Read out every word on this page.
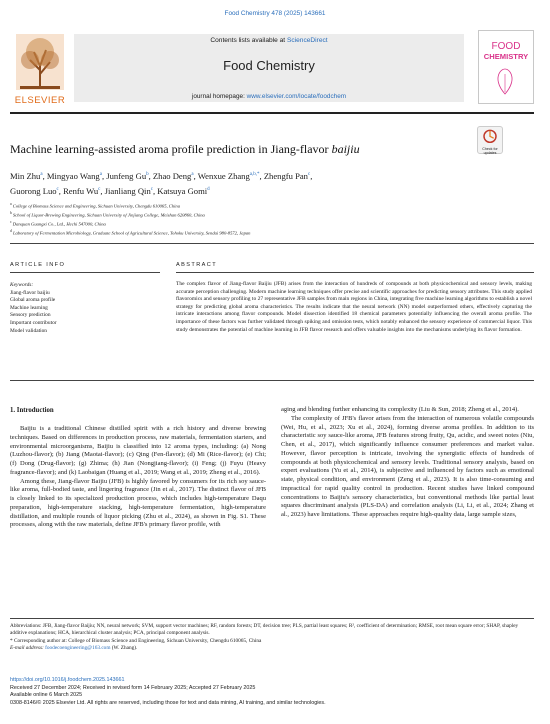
Food Chemistry 478 (2025) 143661
ELSEVIER
Contents lists available at ScienceDirect
Food Chemistry
journal homepage: www.elsevier.com/locate/foodchem
FOOD
CHEMISTRY
Machine learning-assisted aroma profile prediction in Jiang-flavor baijiu	Check for
updates
Min Zhu$^a$, Mingyao Wang$^a$, Junfeng Gu$^b$, Zhao Deng$^a$, Wenxue Zhang$^{a,b,*}$, Zhengfu Pan$^c$,
Guorong Luo$^c$, Renfu Wu$^c$, Jianliang Qin$^c$, Katsuya Gomi$^d$
$^a$ College of Biomass Science and Engineering, Sichuan University, Chengdu 610065, China
$^b$ School of Liquor-Brewing Engineering, Sichuan University of Jinjiang College, Meishan 620860, China
$^c$ Danquan Guangxi Co., Ltd., Hechi 547000, China
$^d$ Laboratory of Fermentation Microbiology, Graduate School of Agricultural Science, Tohoku University, Sendai 980-8572, Japan
ARTICLE INFO	ABSTRACT
Keywords:
Jiang-flavor baijiu
Global aroma profile
Machine learning
Sensory prediction
Important contributor
Model validation
The complex flavor of Jiang-flavor Baijiu (JFB) arises from the interaction of hundreds of compounds at both physicochemical and sensory levels, making accurate perception challenging. Modern machine learning techniques offer precise and scientific approaches for predicting sensory attributes. This study applied flavoromics and sensory profiling to 27 representative JFB samples from main regions in China, integrating five machine learning algorithms to establish a novel strategy for predicting global aroma characteristics. The results indicate that the neural network (NN) model outperformed others, effectively capturing the intricate interactions among flavor compounds. Model dissection identified 18 chemical parameters potentially influencing the overall aroma profile. The importance of these factors was further validated through spiking and omission tests, which notably enhanced the sensory experience of commercial liquor. This study demonstrates the potential of machine learning in JFB flavor research and offers valuable insights into the mechanisms underlying its flavor formation.
1. Introduction

Baijiu is a traditional Chinese distilled spirit with a rich history and diverse brewing techniques. Based on differences in production process, raw materials, fermentation starters, and environmental microorganisms, Baijiu is classified into 12 aroma types, including: (a) Nong (Luzhou-flavor); (b) Jiang (Maotai-flavor); (c) Qing (Fen-flavor); (d) Mi (Rice-flavor); (e) Chi; (f) Dong (Drug-flavor); (g) Zhima; (h) Jian (Nongjiang-flavor); (i) Feng; (j) Fuyu (Heavy fragrance-flavor); and (k) Laobaigan (Huang et al., 2019; Wang et al., 2019; Zheng et al., 2016).

Among these, Jiang-flavor Baijiu (JFB) is highly favored by consumers for its rich soy sauce-like aroma, full-bodied taste, and lingering fragrance (Jin et al., 2017). The distinct flavor of JFB is closely linked to its specialized production process, which includes high-temperature Daqu preparation, high-temperature stacking, high-temperature fermentation, high-temperature distillation, and multiple rounds of liquor picking (Zhu et al., 2024), as shown in Fig. S1. These processes, along with the raw materials, define JFB's primary flavor profile, with

aging and blending further enhancing its complexity (Liu & Sun, 2018; Zheng et al., 2014).

The complexity of JFB's flavor arises from the interaction of numerous volatile compounds (Wei, Hu, et al., 2023; Xu et al., 2024), forming diverse aroma profiles. In addition to its characteristic soy sauce-like aroma, JFB features strong fruity, Qu, acidic, and sweet notes (Niu, Chen, et al., 2017), which significantly influence consumer preferences and market value. However, flavor perception is intricate, involving the synergistic effects of hundreds of compounds at both physicochemical and sensory levels. Traditional sensory analysis, based on expert evaluations (Yu et al., 2014), is subjective and influenced by factors such as emotional state, physical condition, and environment (Zeng et al., 2023). It is also time-consuming and impractical for rapid quality control in production. Recent studies have linked compound concentrations to Baijiu's sensory characteristics, but conventional methods like partial least squares discriminant analysis (PLS-DA) and correlation analysis (Li, Li, et al., 2024; Zhang et al., 2023) have limitations. These approaches require high-quality data, large sample sizes,

Abbreviations: JFB, Jiang-flavor Baijiu; NN, neural network; SVM, support vector machines; RF, random forests; DT, decision tree; PLS, partial least squares; R², coefficient of determination; RMSE, root mean square error; SHAP, shapley additive explanations; HCA, hierarchical cluster analysis; PCA, principal component analysis.
* Corresponding author at: College of Biomass Science and Engineering, Sichuan University, Chengdu 610065, China
E-mail address: foodecoengineering@163.com (W. Zhang).
https://doi.org/10.1016/j.foodchem.2025.143661
Received 27 December 2024; Received in revised form 14 February 2025; Accepted 27 February 2025
Available online 6 March 2025
0308-8146/© 2025 Elsevier Ltd. All rights are reserved, including those for text and data mining, AI training, and similar technologies.
